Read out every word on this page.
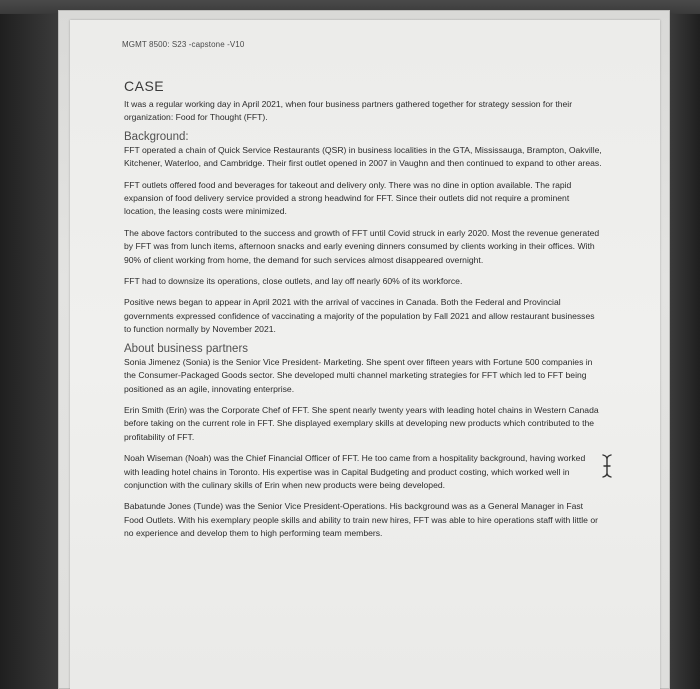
MGMT 8500: S23 -capstone -V10
CASE

It was a regular working day in April 2021, when four business partners gathered together for strategy session for their organization: Food for Thought (FFT).

Background:

FFT operated a chain of Quick Service Restaurants (QSR) in business localities in the GTA, Mississauga, Brampton, Oakville, Kitchener, Waterloo, and Cambridge. Their first outlet opened in 2007 in Vaughn and then continued to expand to other areas.

FFT outlets offered food and beverages for takeout and delivery only. There was no dine in option available. The rapid expansion of food delivery service provided a strong headwind for FFT. Since their outlets did not require a prominent location, the leasing costs were minimized.

The above factors contributed to the success and growth of FFT until Covid struck in early 2020. Most the revenue generated by FFT was from lunch items, afternoon snacks and early evening dinners consumed by clients working in their offices. With 90% of client working from home, the demand for such services almost disappeared overnight.

FFT had to downsize its operations, close outlets, and lay off nearly 60% of its workforce.

Positive news began to appear in April 2021 with the arrival of vaccines in Canada. Both the Federal and Provincial governments expressed confidence of vaccinating a majority of the population by Fall 2021 and allow restaurant businesses to function normally by November 2021.

About business partners

Sonia Jimenez (Sonia) is the Senior Vice President- Marketing. She spent over fifteen years with Fortune 500 companies in the Consumer-Packaged Goods sector. She developed multi channel marketing strategies for FFT which led to FFT being positioned as an agile, innovating enterprise.

Erin Smith (Erin) was the Corporate Chef of FFT. She spent nearly twenty years with leading hotel chains in Western Canada before taking on the current role in FFT. She displayed exemplary skills at developing new products which contributed to the profitability of FFT.

Noah Wiseman (Noah) was the Chief Financial Officer of FFT. He too came from a hospitality background, having worked with leading hotel chains in Toronto. His expertise was in Capital Budgeting and product costing, which worked well in conjunction with the culinary skills of Erin when new products were being developed.

Babatunde Jones (Tunde) was the Senior Vice President-Operations. His background was as a General Manager in Fast Food Outlets. With his exemplary people skills and ability to train new hires, FFT was able to hire operations staff with little or no experience and develop them to high performing team members.
